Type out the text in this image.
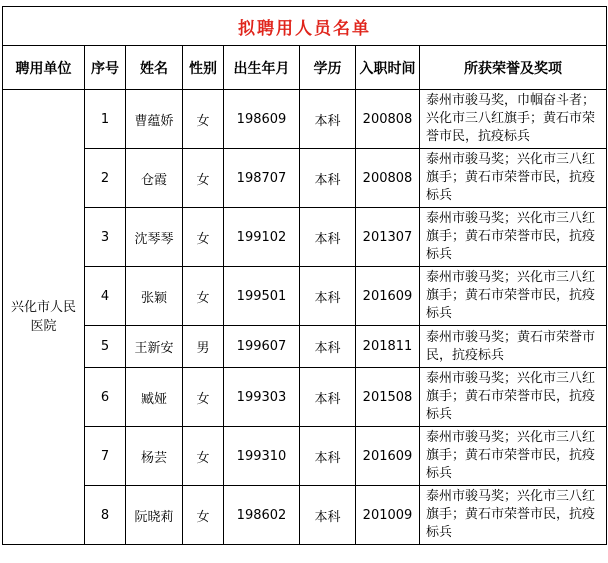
拟聘用人员名单							
聘用单位	序号	姓名	性别	出生年月	学历	入职时间	所获荣誉及奖项
兴化市人民医院	1	曹蕴娇	女	198609	本科	200808	泰州市骏马奖，巾帼奋斗者；兴化市三八红旗手；黄石市荣誉市民，抗疫标兵
	2	仓霞	女	198707	本科	200808	泰州市骏马奖；兴化市三八红旗手；黄石市荣誉市民，抗疫标兵
	3	沈琴琴	女	199102	本科	201307	泰州市骏马奖；兴化市三八红旗手；黄石市荣誉市民，抗疫标兵
	4	张颖	女	199501	本科	201609	泰州市骏马奖；兴化市三八红旗手；黄石市荣誉市民，抗疫标兵
	5	王新安	男	199607	本科	201811	泰州市骏马奖；黄石市荣誉市民，抗疫标兵
	6	臧娅	女	199303	本科	201508	泰州市骏马奖；兴化市三八红旗手；黄石市荣誉市民，抗疫标兵
	7	杨芸	女	199310	本科	201609	泰州市骏马奖；兴化市三八红旗手；黄石市荣誉市民，抗疫标兵
	8	阮晓莉	女	198602	本科	201009	泰州市骏马奖；兴化市三八红旗手；黄石市荣誉市民，抗疫标兵
